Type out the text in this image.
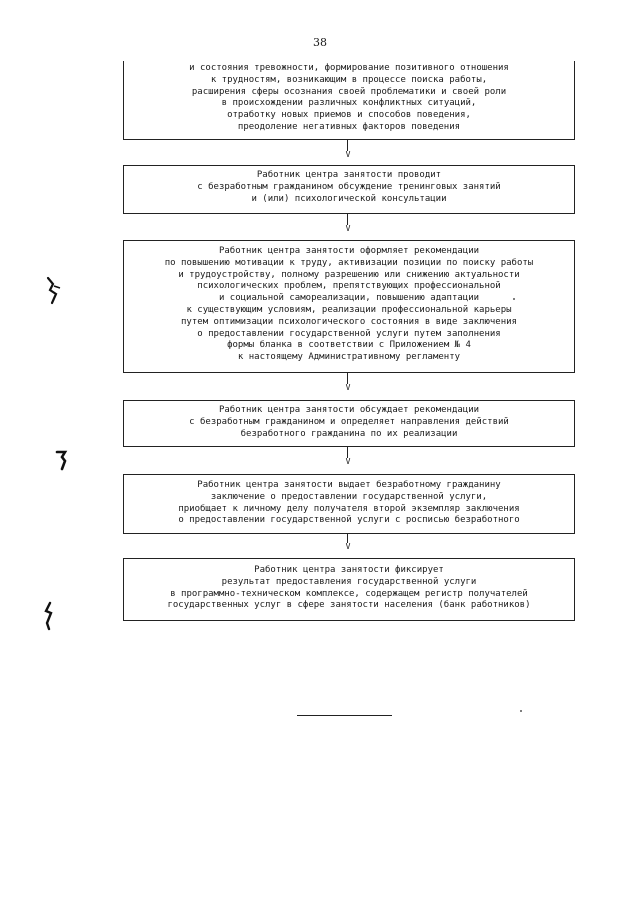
38
и состояния тревожности, формирование позитивного отношения
к трудностям, возникающим в процессе поиска работы,
расширения сферы осознания своей проблематики и своей роли
в происхождении различных конфликтных ситуаций,
отработку новых приемов и способов поведения,
преодоление негативных факторов поведения
V
Работник центра занятости проводит
с безработным гражданином обсуждение тренинговых занятий
и (или) психологической консультации
V
Работник центра занятости оформляет рекомендации
по повышению мотивации к труду, активизации позиции по поиску работы
и трудоустройству, полному разрешению или снижению актуальности
психологических проблем, препятствующих профессиональной
и социальной самореализации, повышению адаптации
к существующим условиям, реализации профессиональной карьеры
путем оптимизации психологического состояния в виде заключения
о предоставлении государственной услуги путем заполнения
формы бланка в соответствии с Приложением № 4
к настоящему Административному регламенту
V
Работник центра занятости обсуждает рекомендации
с безработным гражданином и определяет направления действий
безработного гражданина по их реализации
V
Работник центра занятости выдает безработному гражданину
заключение о предоставлении государственной услуги,
приобщает к личному делу получателя второй экземпляр заключения
о предоставлении государственной услуги с росписью безработного
V
Работник центра занятости фиксирует
результат предоставления государственной услуги
в программно-техническом комплексе, содержащем регистр получателей
государственных услуг в сфере занятости населения (банк работников)
